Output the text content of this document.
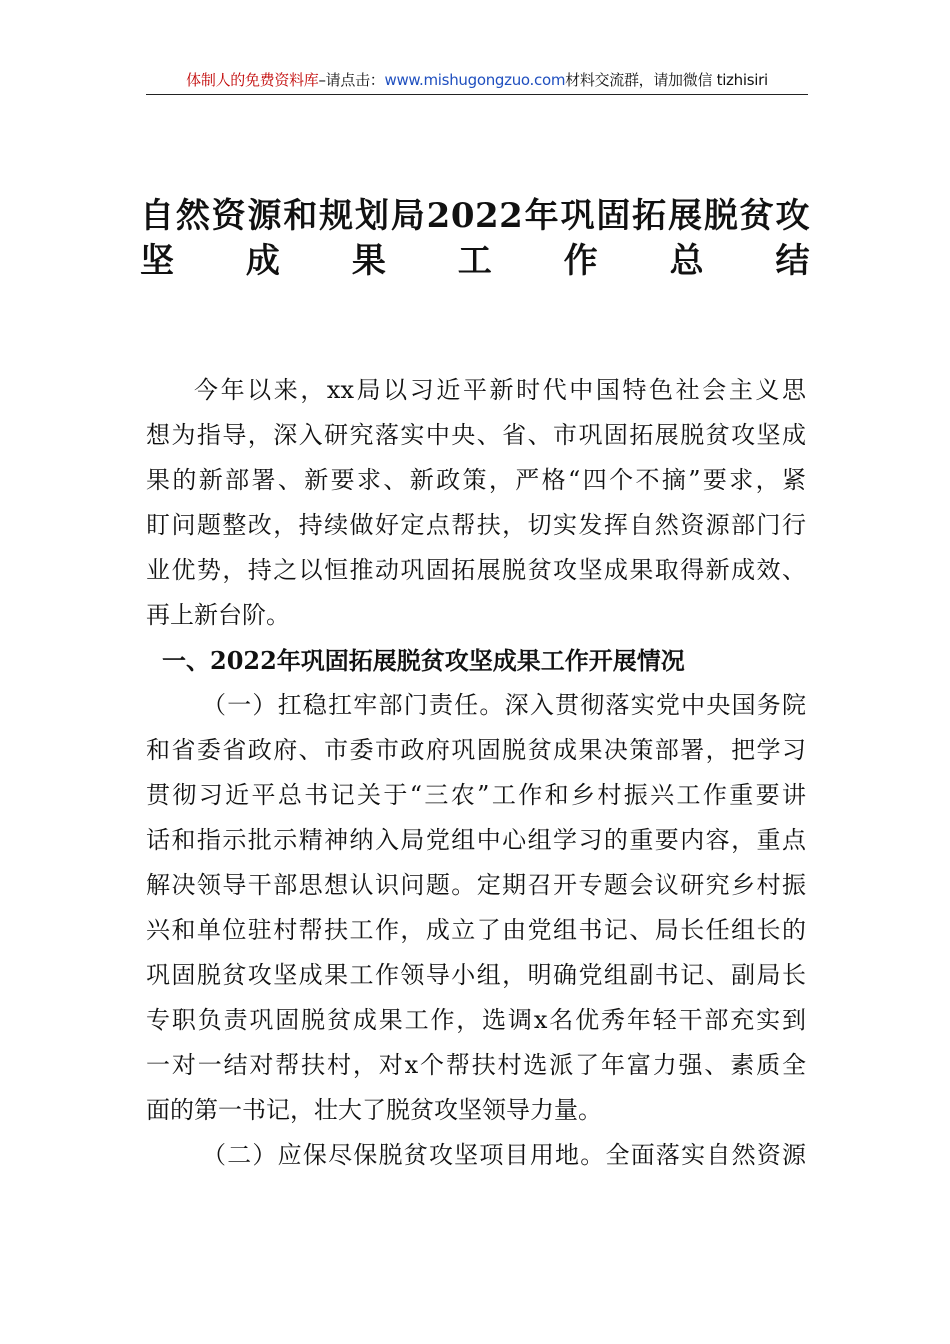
体制人的免费资料库–请点击：www.mishugongzuo.com材料交流群，请加微信 tizhisiri
自然资源和规划局2022年巩固拓展脱贫攻
坚成果工作总结
今年以来，xx局以习近平新时代中国特色社会主义思
想为指导，深入研究落实中央、省、市巩固拓展脱贫攻坚成
果的新部署、新要求、新政策，严格“四个不摘”要求，紧
盯问题整改，持续做好定点帮扶，切实发挥自然资源部门行
业优势，持之以恒推动巩固拓展脱贫攻坚成果取得新成效、
再上新台阶。
一、2022年巩固拓展脱贫攻坚成果工作开展情况
（一）扛稳扛牢部门责任。深入贯彻落实党中央国务院
和省委省政府、市委市政府巩固脱贫成果决策部署，把学习
贯彻习近平总书记关于“三农”工作和乡村振兴工作重要讲
话和指示批示精神纳入局党组中心组学习的重要内容，重点
解决领导干部思想认识问题。定期召开专题会议研究乡村振
兴和单位驻村帮扶工作，成立了由党组书记、局长任组长的
巩固脱贫攻坚成果工作领导小组，明确党组副书记、副局长
专职负责巩固脱贫成果工作，选调x名优秀年轻干部充实到
一对一结对帮扶村，对x个帮扶村选派了年富力强、素质全
面的第一书记，壮大了脱贫攻坚领导力量。
（二）应保尽保脱贫攻坚项目用地。全面落实自然资源
